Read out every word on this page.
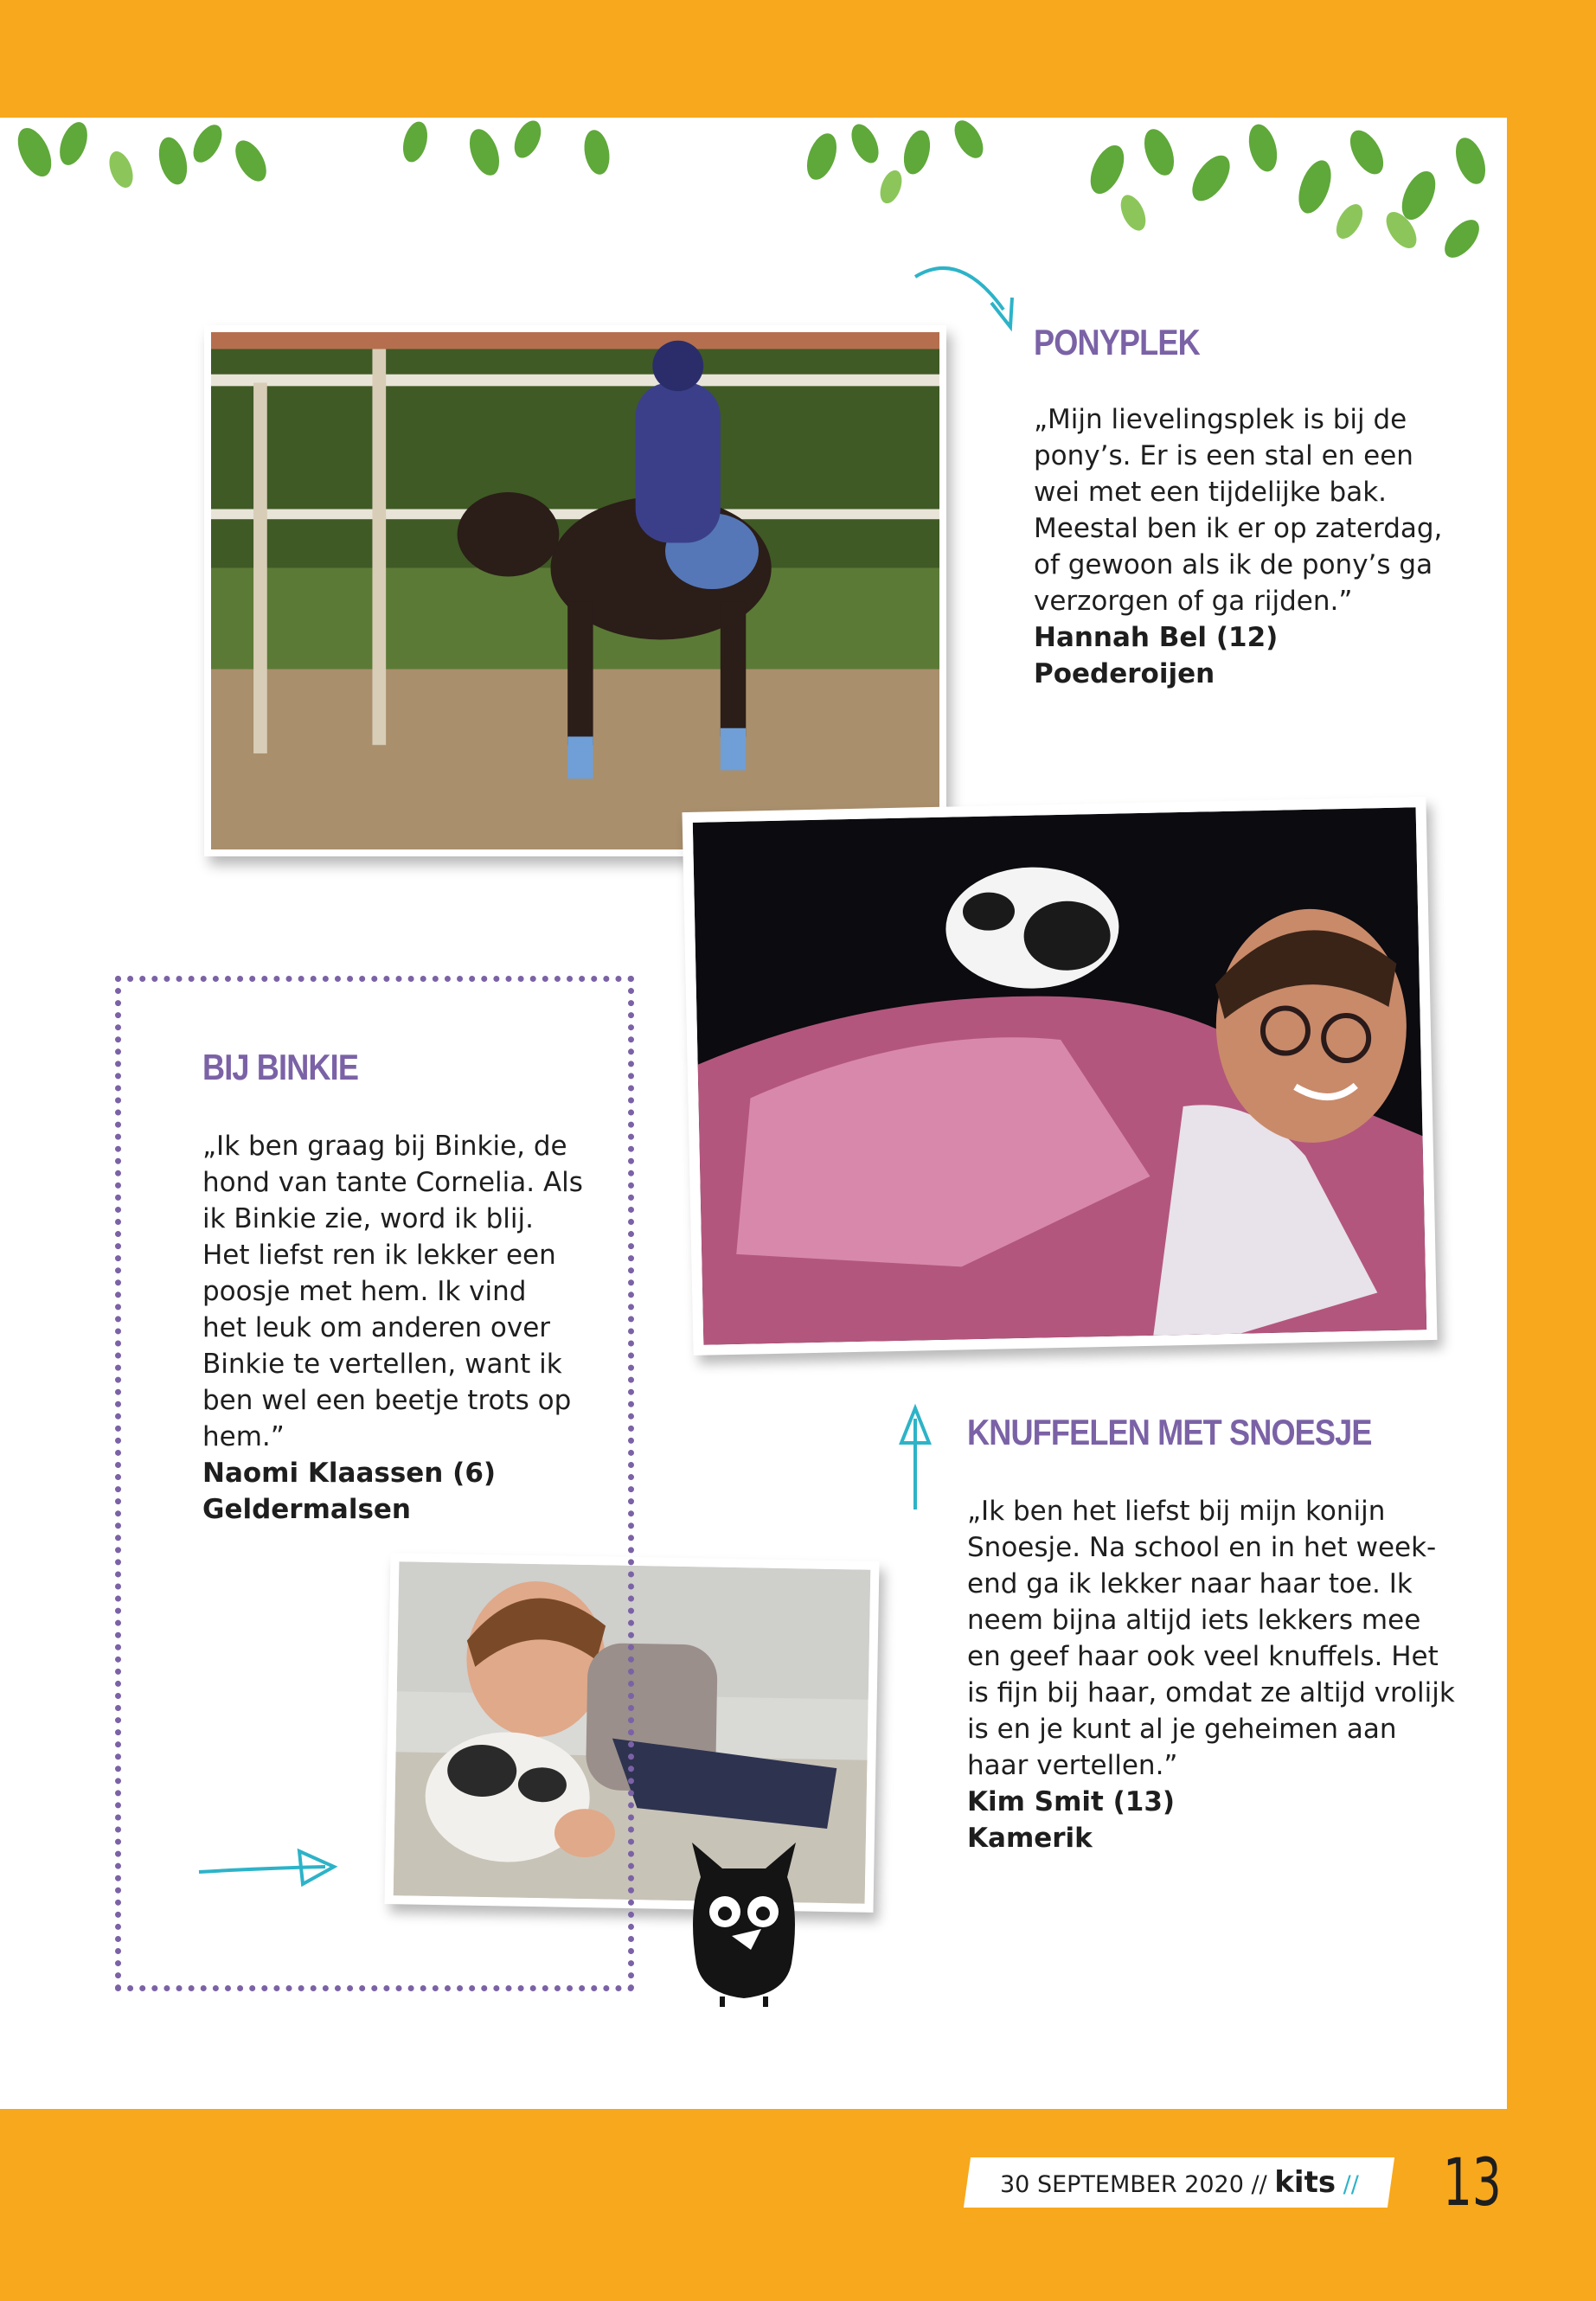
PONYPLEK

„Mijn lievelingsplek is bij de
pony’s. Er is een stal en een
wei met een tijdelijke bak.
Meestal ben ik er op zaterdag,
of gewoon als ik de pony’s ga
verzorgen of ga rijden.”

Hannah Bel (12)
Poederoijen

BIJ BINKIE

„Ik ben graag bij Binkie, de
hond van tante Cornelia. Als
ik Binkie zie, word ik blij.
Het liefst ren ik lekker een
poosje met hem. Ik vind
het leuk om anderen over
Binkie te vertellen, want ik
ben wel een beetje trots op
hem.”

Naomi Klaassen (6)
Geldermalsen

KNUFFELEN MET SNOESJE

„Ik ben het liefst bij mijn konijn
Snoesje. Na school en in het week-
end ga ik lekker naar haar toe. Ik
neem bijna altijd iets lekkers mee
en geef haar ook veel knuffels. Het
is fijn bij haar, omdat ze altijd vrolijk
is en je kunt al je geheimen aan
haar vertellen.”

Kim Smit (13)
Kamerik

30 SEPTEMBER 2020 // kits // 13
